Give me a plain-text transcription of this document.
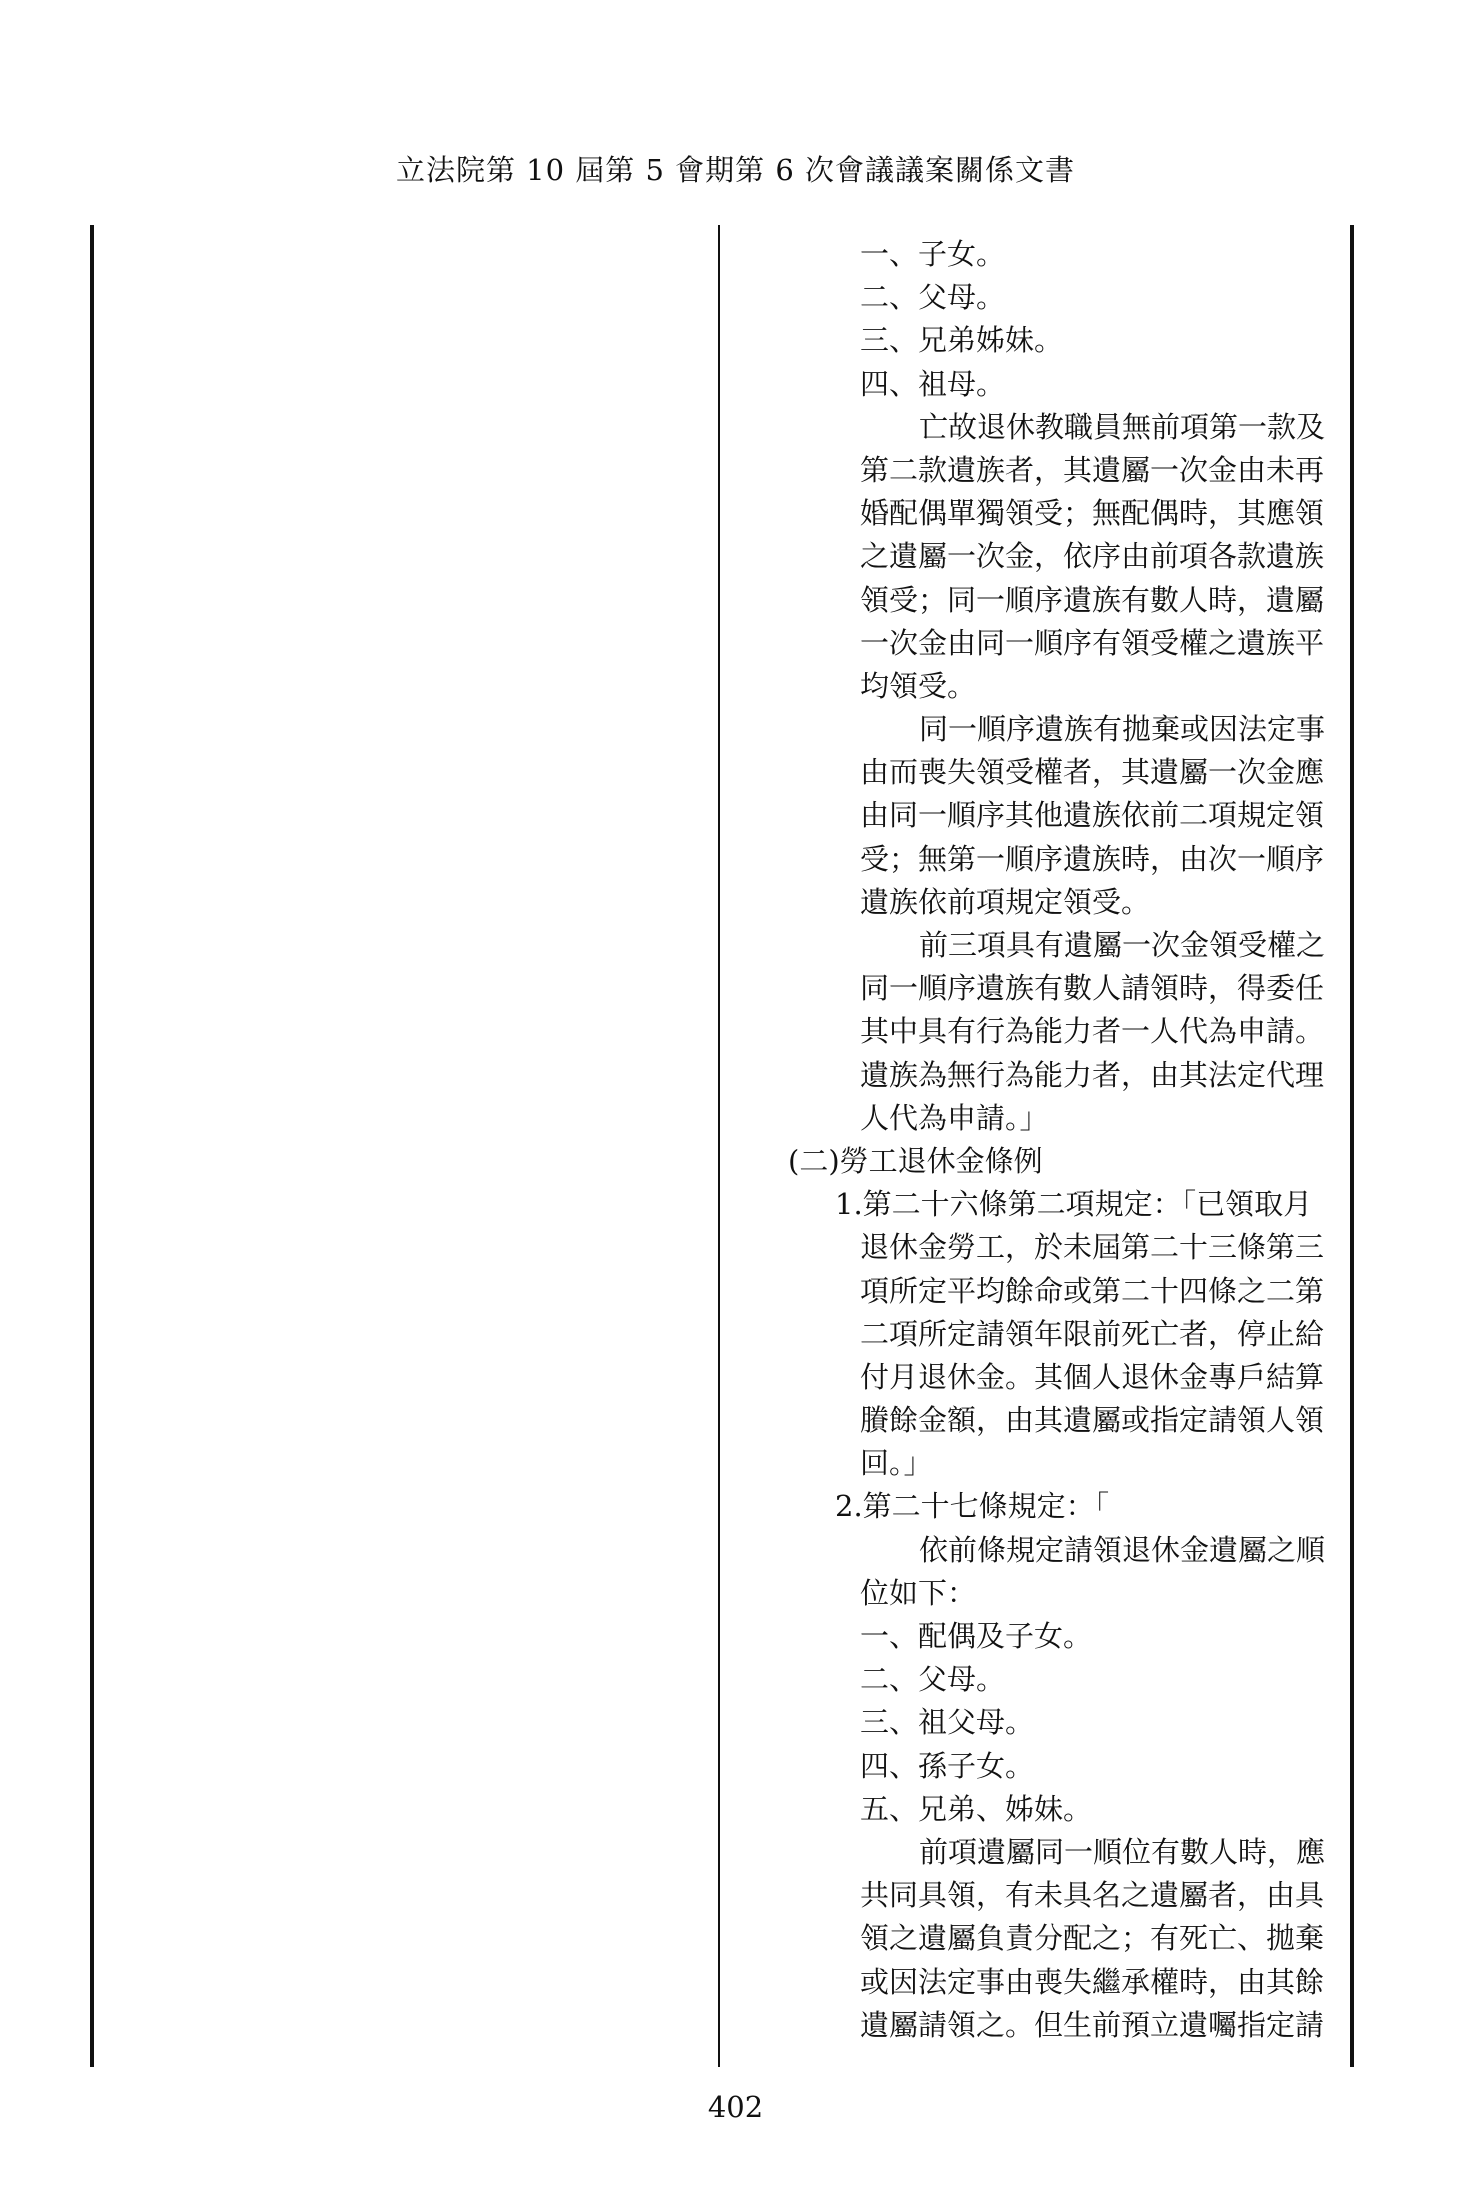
立法院第 10 屆第 5 會期第 6 次會議議案關係文書
一、子女。
二、父母。
三、兄弟姊妹。
四、祖母。
亡故退休教職員無前項第一款及
第二款遺族者，其遺屬一次金由未再
婚配偶單獨領受；無配偶時，其應領
之遺屬一次金，依序由前項各款遺族
領受；同一順序遺族有數人時，遺屬
一次金由同一順序有領受權之遺族平
均領受。
同一順序遺族有拋棄或因法定事
由而喪失領受權者，其遺屬一次金應
由同一順序其他遺族依前二項規定領
受；無第一順序遺族時，由次一順序
遺族依前項規定領受。
前三項具有遺屬一次金領受權之
同一順序遺族有數人請領時，得委任
其中具有行為能力者一人代為申請。
遺族為無行為能力者，由其法定代理
人代為申請。」
(二)勞工退休金條例
1.第二十六條第二項規定：「已領取月
退休金勞工，於未屆第二十三條第三
項所定平均餘命或第二十四條之二第
二項所定請領年限前死亡者，停止給
付月退休金。其個人退休金專戶結算
賸餘金額，由其遺屬或指定請領人領
回。」
2.第二十七條規定：「
依前條規定請領退休金遺屬之順
位如下：
一、配偶及子女。
二、父母。
三、祖父母。
四、孫子女。
五、兄弟、姊妹。
前項遺屬同一順位有數人時，應
共同具領，有未具名之遺屬者，由具
領之遺屬負責分配之；有死亡、拋棄
或因法定事由喪失繼承權時，由其餘
遺屬請領之。但生前預立遺囑指定請
402
